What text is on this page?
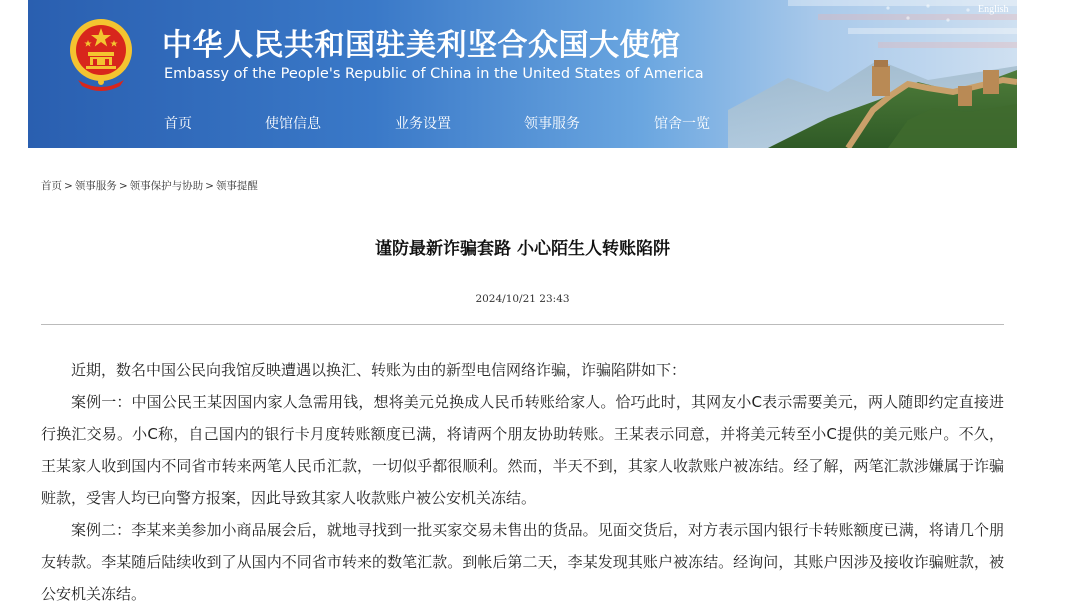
中华人民共和国驻美利坚合众国大使馆
Embassy of the People's Republic of China in the United States of America
English
首页	使馆信息	业务设置	领事服务	馆舍一览
首页 > 领事服务 > 领事保护与协助 > 领事提醒
谨防最新诈骗套路 小心陌生人转账陷阱
2024/10/21 23:43

近期，数名中国公民向我馆反映遭遇以换汇、转账为由的新型电信网络诈骗，诈骗陷阱如下：

案例一：中国公民王某因国内家人急需用钱，想将美元兑换成人民币转账给家人。恰巧此时，其网友小C表示需要美元，两人随即约定直接进行换汇交易。小C称，自己国内的银行卡月度转账额度已满，将请两个朋友协助转账。王某表示同意，并将美元转至小C提供的美元账户。不久，王某家人收到国内不同省市转来两笔人民币汇款，一切似乎都很顺利。然而，半天不到，其家人收款账户被冻结。经了解，两笔汇款涉嫌属于诈骗赃款，受害人均已向警方报案，因此导致其家人收款账户被公安机关冻结。

案例二：李某来美参加小商品展会后，就地寻找到一批买家交易未售出的货品。见面交货后，对方表示国内银行卡转账额度已满，将请几个朋友转款。李某随后陆续收到了从国内不同省市转来的数笔汇款。到帐后第二天，李某发现其账户被冻结。经询问，其账户因涉及接收诈骗赃款，被公安机关冻结。
